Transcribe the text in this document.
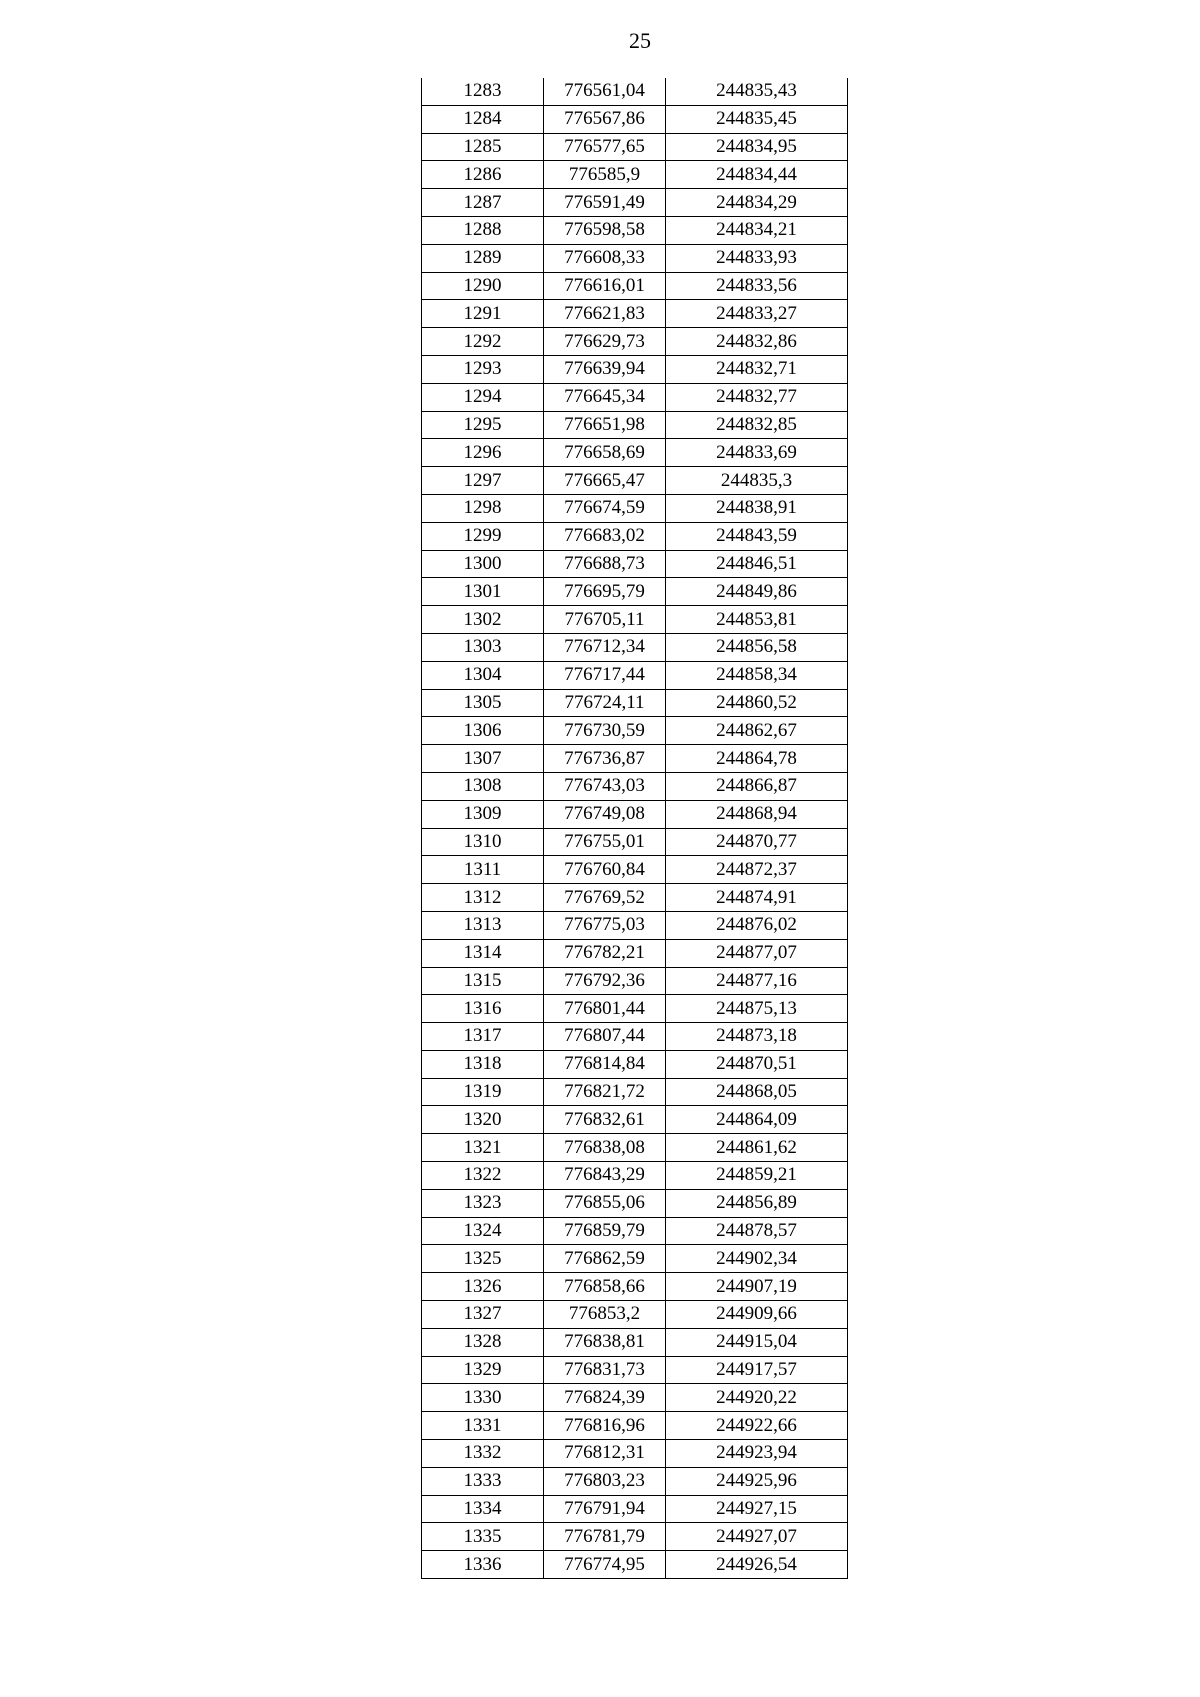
25
1283	776561,04	244835,43
1284	776567,86	244835,45
1285	776577,65	244834,95
1286	776585,9	244834,44
1287	776591,49	244834,29
1288	776598,58	244834,21
1289	776608,33	244833,93
1290	776616,01	244833,56
1291	776621,83	244833,27
1292	776629,73	244832,86
1293	776639,94	244832,71
1294	776645,34	244832,77
1295	776651,98	244832,85
1296	776658,69	244833,69
1297	776665,47	244835,3
1298	776674,59	244838,91
1299	776683,02	244843,59
1300	776688,73	244846,51
1301	776695,79	244849,86
1302	776705,11	244853,81
1303	776712,34	244856,58
1304	776717,44	244858,34
1305	776724,11	244860,52
1306	776730,59	244862,67
1307	776736,87	244864,78
1308	776743,03	244866,87
1309	776749,08	244868,94
1310	776755,01	244870,77
1311	776760,84	244872,37
1312	776769,52	244874,91
1313	776775,03	244876,02
1314	776782,21	244877,07
1315	776792,36	244877,16
1316	776801,44	244875,13
1317	776807,44	244873,18
1318	776814,84	244870,51
1319	776821,72	244868,05
1320	776832,61	244864,09
1321	776838,08	244861,62
1322	776843,29	244859,21
1323	776855,06	244856,89
1324	776859,79	244878,57
1325	776862,59	244902,34
1326	776858,66	244907,19
1327	776853,2	244909,66
1328	776838,81	244915,04
1329	776831,73	244917,57
1330	776824,39	244920,22
1331	776816,96	244922,66
1332	776812,31	244923,94
1333	776803,23	244925,96
1334	776791,94	244927,15
1335	776781,79	244927,07
1336	776774,95	244926,54
